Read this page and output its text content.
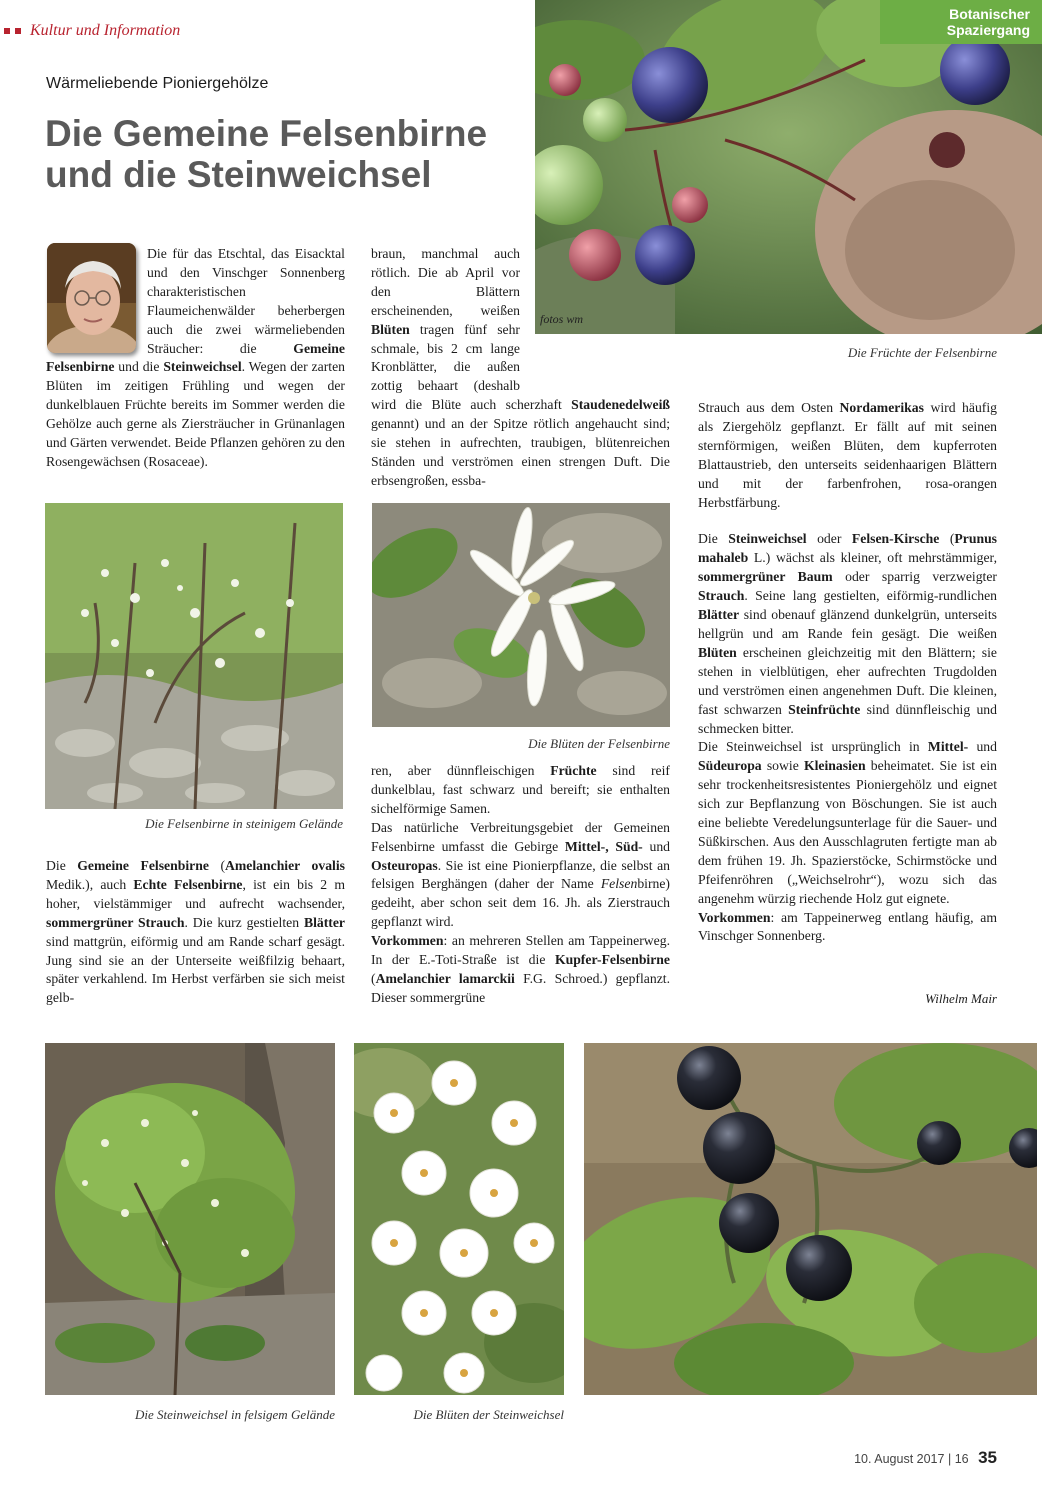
Kultur und Information
Wärmeliebende Pioniergehölze
Die Gemeine Felsenbirne
und die Steinweichsel
Botanischer
Spaziergang
fotos wm
Die Früchte der Felsenbirne
Die für das Etschtal, das Eisacktal und den Vinschger Sonnenberg charakteristischen Flaumeichenwälder beherbergen auch die zwei wärmeliebenden Sträucher: die Gemeine Felsenbirne und die Steinweichsel. Wegen der zarten Blüten im zeitigen Frühling und wegen der dunkelblauen Früchte bereits im Sommer werden die Gehölze auch gerne als Ziersträucher in Grünanlagen und Gärten verwendet. Beide Pflanzen gehören zu den Rosengewächsen (Rosaceae).
Die Felsenbirne in steinigem Gelände
Die Gemeine Felsenbirne (Amelanchier ovalis Medik.), auch Echte Felsenbirne, ist ein bis 2 m hoher, vielstämmiger und aufrecht wachsender, sommergrüner Strauch. Die kurz gestielten Blätter sind mattgrün, eiförmig und am Rande scharf gesägt. Jung sind sie an der Unterseite weißfilzig behaart, später verkahlend. Im Herbst verfärben sie sich meist gelb-
braun, manchmal auch rötlich. Die ab April vor den Blättern erscheinenden, weißen Blüten tragen fünf sehr schmale, bis 2 cm lange Kronblätter, die außen zottig behaart (deshalb wird die Blüte auch scherzhaft Staudenedelweiß genannt) und an der Spitze rötlich angehaucht sind; sie stehen in aufrechten, traubigen, blütenreichen Ständen und verströmen einen strengen Duft. Die erbsengroßen, essba-
Die Blüten der Felsenbirne

ren, aber dünnfleischigen Früchte sind reif dunkelblau, fast schwarz und bereift; sie enthalten sichelförmige Samen.

Das natürliche Verbreitungsgebiet der Gemeinen Felsenbirne umfasst die Gebirge Mittel-, Süd- und Osteuropas. Sie ist eine Pionierpflanze, die selbst an felsigen Berghängen (daher der Name Felsenbirne) gedeiht, aber schon seit dem 16. Jh. als Zierstrauch gepflanzt wird.

Vorkommen: an mehreren Stellen am Tappeinerweg. In der E.-Toti-Straße ist die Kupfer-Felsenbirne (Amelanchier lamarckii F.G. Schroed.) gepflanzt. Dieser sommergrüne

Strauch aus dem Osten Nordamerikas wird häufig als Ziergehölz gepflanzt. Er fällt auf mit seinen sternförmigen, weißen Blüten, dem kupferroten Blattaustrieb, den unterseits seidenhaarigen Blättern und mit der farbenfrohen, rosa-orangen Herbstfärbung.

Die Steinweichsel oder Felsen-Kirsche (Prunus mahaleb L.) wächst als kleiner, oft mehrstämmiger, sommergrüner Baum oder sparrig verzweigter Strauch. Seine lang gestielten, eiförmig-rundlichen Blätter sind obenauf glänzend dunkelgrün, unterseits hellgrün und am Rande fein gesägt. Die weißen Blüten erscheinen gleichzeitig mit den Blättern; sie stehen in vielblütigen, eher aufrechten Trugdolden und verströmen einen angenehmen Duft. Die kleinen, fast schwarzen Steinfrüchte sind dünnfleischig und schmecken bitter.

Die Steinweichsel ist ursprünglich in Mittel- und Südeuropa sowie Kleinasien beheimatet. Sie ist ein sehr trockenheitsresistentes Pioniergehölz und eignet sich zur Bepflanzung von Böschungen. Sie ist auch eine beliebte Veredelungsunterlage für die Sauer- und Süßkirschen. Aus den Ausschlagruten fertigte man ab dem frühen 19. Jh. Spazierstöcke, Schirmstöcke und Pfeifenröhren („Weichselrohr“), wozu sich das angenehm würzig riechende Holz gut eignete.

Vorkommen: am Tappeinerweg entlang häufig, am Vinschger Sonnenberg.

Wilhelm Mair
Die Steinweichsel in felsigem Gelände	Die Blüten der Steinweichsel
10. August 2017 | 16 35
